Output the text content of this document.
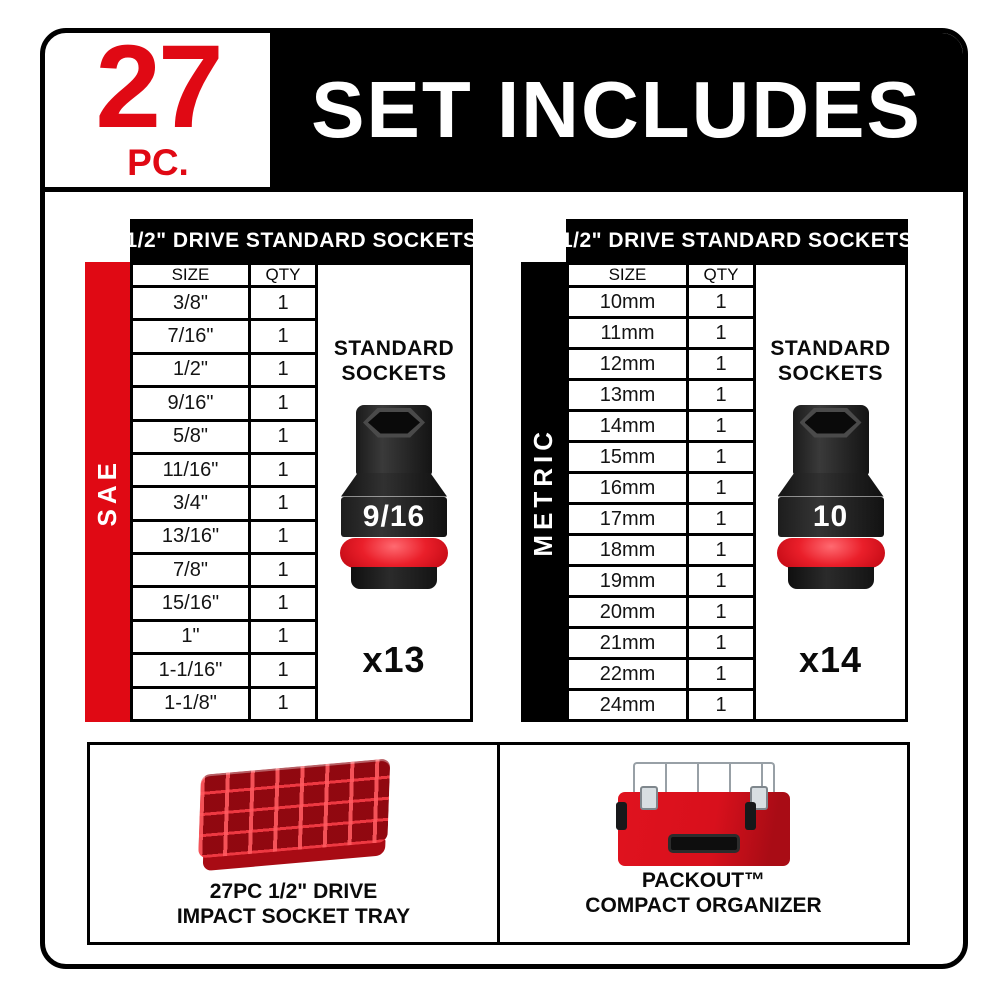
27
PC.
SET INCLUDES
1/2" DRIVE STANDARD SOCKETS
SAE
SIZE	QTY
3/8"	1
7/16"	1
1/2"	1
9/16"	1
5/8"	1
11/16"	1
3/4"	1
13/16"	1
7/8"	1
15/16"	1
1"	1
1-1/16"	1
1-1/8"	1
STANDARD
SOCKETS
9/16
x13
1/2" DRIVE STANDARD SOCKETS
METRIC
SIZE	QTY
10mm	1
11mm	1
12mm	1
13mm	1
14mm	1
15mm	1
16mm	1
17mm	1
18mm	1
19mm	1
20mm	1
21mm	1
22mm	1
24mm	1
STANDARD
SOCKETS
10
x14
27PC 1/2" DRIVE
IMPACT SOCKET TRAY
PACKOUT™
COMPACT ORGANIZER
